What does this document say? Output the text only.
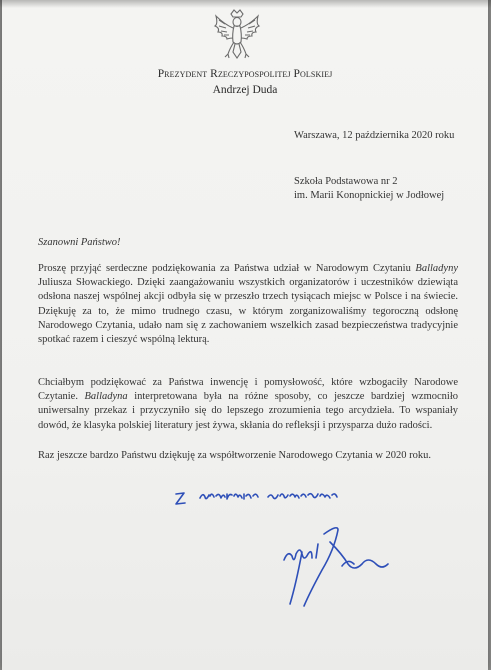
Prezydent Rzeczypospolitej Polskiej
Andrzej Duda
Warszawa, 12 października 2020 roku
Szkoła Podstawowa nr 2
im. Marii Konopnickiej w Jodłowej
Szanowni Państwo!
Proszę przyjąć serdeczne podziękowania za Państwa udział w Narodowym Czytaniu Balladyny Juliusza Słowackiego. Dzięki zaangażowaniu wszystkich organizatorów i uczestników dziewiąta odsłona naszej wspólnej akcji odbyła się w przeszło trzech tysiącach miejsc w Polsce i na świecie. Dziękuję za to, że mimo trudnego czasu, w którym zorganizowaliśmy tegoroczną odsłonę Narodowego Czytania, udało nam się z zachowaniem wszelkich zasad bezpieczeństwa tradycyjnie spotkać razem i cieszyć wspólną lekturą.
Chciałbym podziękować za Państwa inwencję i pomysłowość, które wzbogaciły Narodowe Czytanie. Balladyna interpretowana była na różne sposoby, co jeszcze bardziej wzmocniło uniwersalny przekaz i przyczyniło się do lepszego zrozumienia tego arcydzieła. To wspaniały dowód, że klasyka polskiej literatury jest żywa, skłania do refleksji i przysparza dużo radości.
Raz jeszcze bardzo Państwu dziękuję za współtworzenie Narodowego Czytania w 2020 roku.
